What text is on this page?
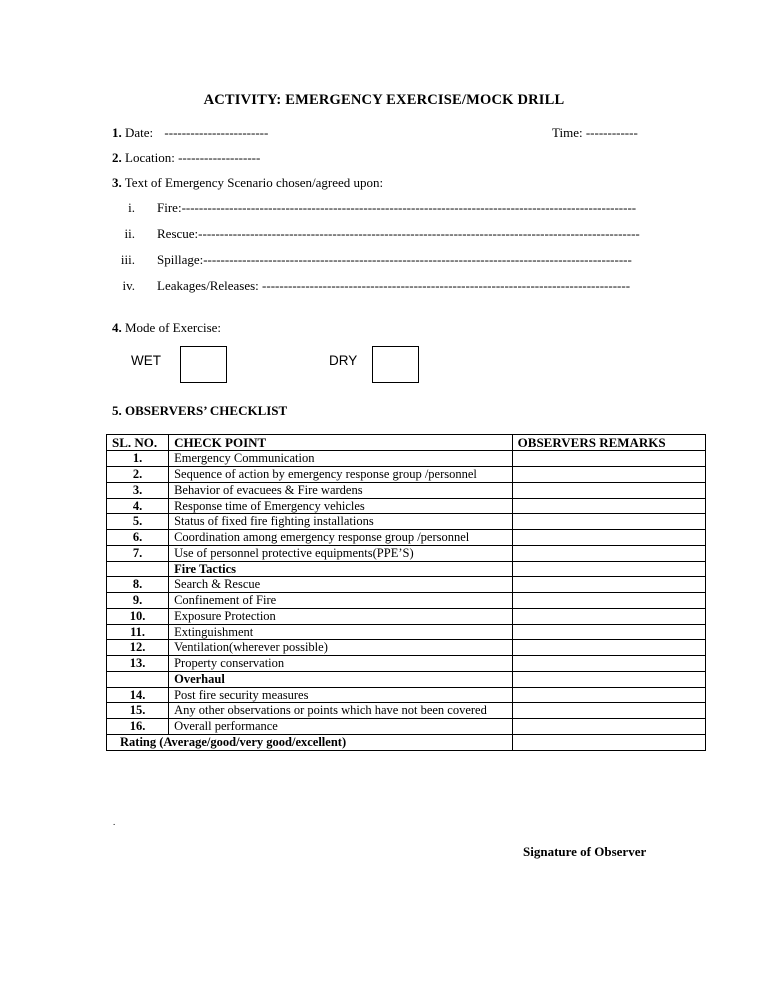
ACTIVITY: EMERGENCY EXERCISE/MOCK DRILL
1. Date: ------------------------	Time: ------------
2. Location: -------------------
3. Text of Emergency Scenario chosen/agreed upon:
i. Fire:---------------------------------------------------------------------------------------------------------
ii. Rescue:------------------------------------------------------------------------------------------------------
iii. Spillage:---------------------------------------------------------------------------------------------------
iv. Leakages/Releases: -------------------------------------------------------------------------------------
4. Mode of Exercise:
WET	DRY
5. OBSERVERS’ CHECKLIST
SL. NO.	CHECK POINT	OBSERVERS REMARKS
1.	Emergency Communication	
2.	Sequence of action by emergency response group /personnel	
3.	Behavior of evacuees & Fire wardens	
4.	Response time of Emergency vehicles	
5.	Status of fixed fire fighting installations	
6.	Coordination among emergency response group /personnel	
7.	Use of personnel protective equipments(PPE’S)	
	Fire Tactics	
8.	Search & Rescue	
9.	Confinement of Fire	
10.	Exposure Protection	
11.	Extinguishment	
12.	Ventilation(wherever possible)	
13.	Property conservation	
	Overhaul	
14.	Post fire security measures	
15.	Any other observations or points which have not been covered	
16.	Overall performance	
Rating (Average/good/very good/excellent)		
.
Signature of Observer
